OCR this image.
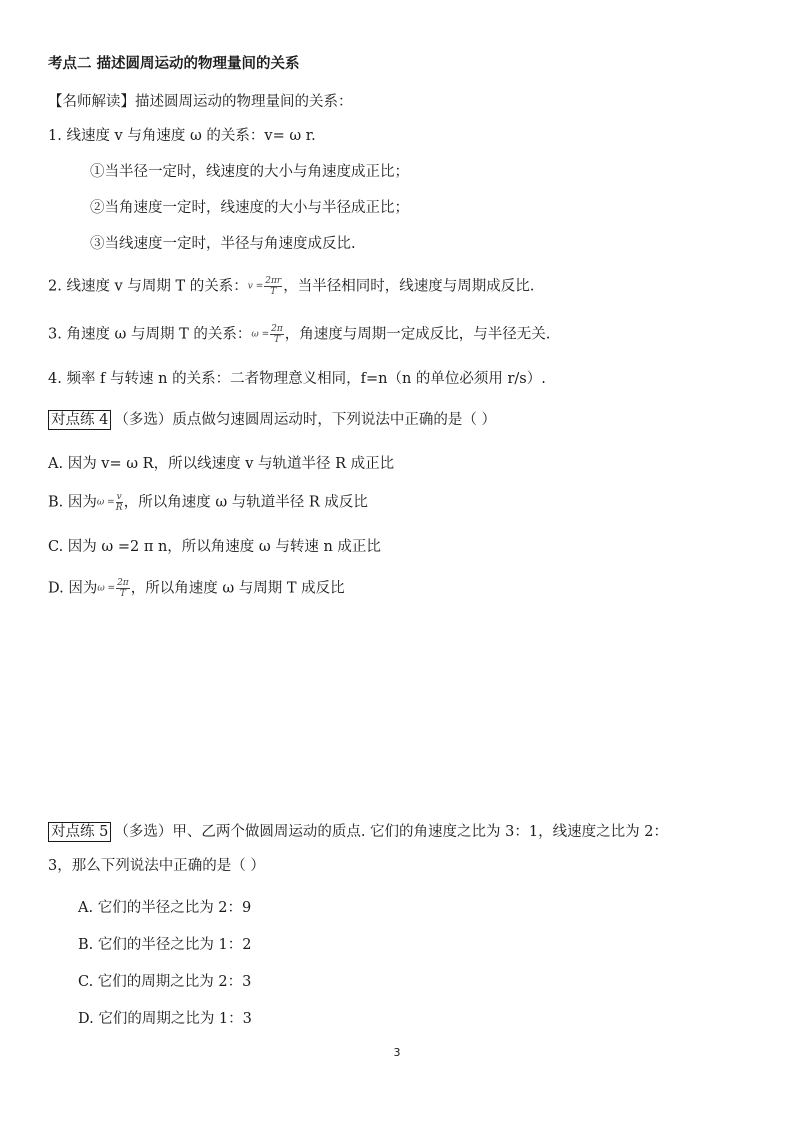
考点二 描述圆周运动的物理量间的关系
【名师解读】描述圆周运动的物理量间的关系：
1. 线速度 v 与角速度 ω 的关系：v= ω r.
①当半径一定时，线速度的大小与角速度成正比；
②当角速度一定时，线速度的大小与半径成正比；
③当线速度一定时，半径与角速度成反比.
2. 线速度 v 与周期 T 的关系：$v = \frac{2\pi r}{T}$ ，当半径相同时，线速度与周期成反比.
3. 角速度 ω 与周期 T 的关系：$\omega = \frac{2\pi}{T}$ ，角速度与周期一定成反比，与半径无关.
4. 频率 f 与转速 n 的关系：二者物理意义相同，f=n（n 的单位必须用 r/s）.
对点练 4 （多选）质点做匀速圆周运动时，下列说法中正确的是（ ）
A. 因为 v= ω R，所以线速度 v 与轨道半径 R 成正比
B. 因为$\omega = \frac{v}{R}$ ，所以角速度 ω 与轨道半径 R 成反比
C. 因为 ω =2 π n，所以角速度 ω 与转速 n 成正比
D. 因为$\omega = \frac{2\pi}{T}$ ，所以角速度 ω 与周期 T 成反比
对点练 5 （多选）甲、乙两个做圆周运动的质点. 它们的角速度之比为 3：1，线速度之比为 2：
3，那么下列说法中正确的是（ ）
A. 它们的半径之比为 2：9
B. 它们的半径之比为 1：2
C. 它们的周期之比为 2：3
D. 它们的周期之比为 1：3
3
